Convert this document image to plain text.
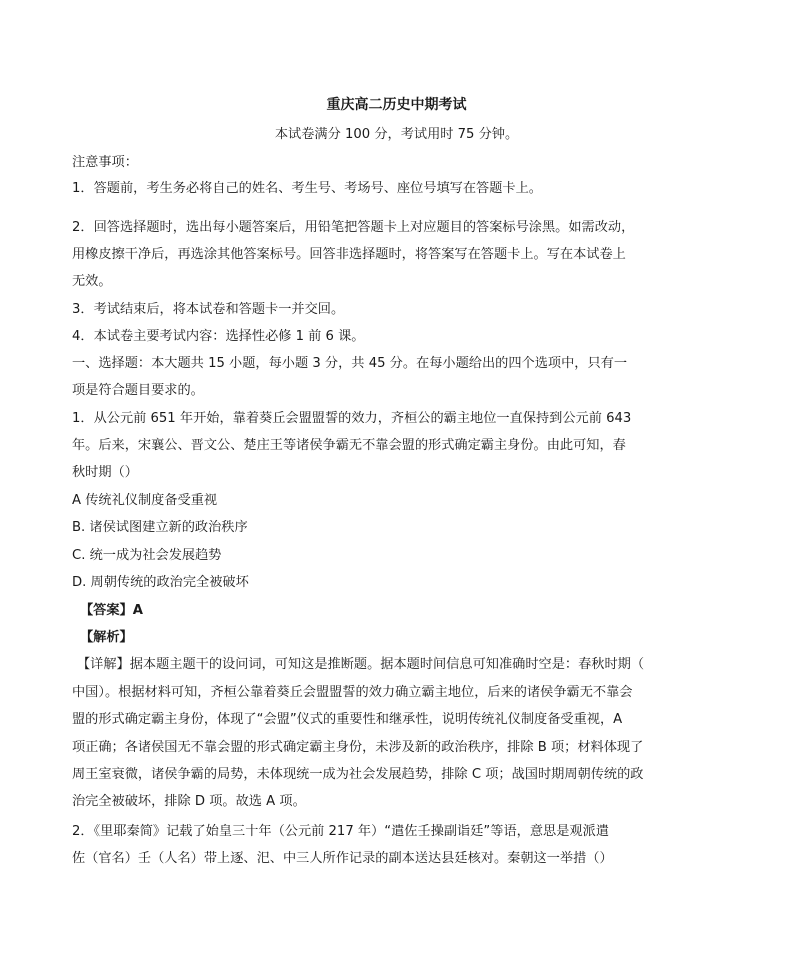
重庆高二历史中期考试
本试卷满分 100 分，考试用时 75 分钟。
注意事项：
1．答题前，考生务必将自己的姓名、考生号、考场号、座位号填写在答题卡上。
2．回答选择题时，选出每小题答案后，用铅笔把答题卡上对应题目的答案标号涂黑。如需改动，
用橡皮擦干净后，再选涂其他答案标号。回答非选择题时，将答案写在答题卡上。写在本试卷上
无效。
3．考试结束后，将本试卷和答题卡一并交回。
4．本试卷主要考试内容：选择性必修 1 前 6 课。
一、选择题：本大题共 15 小题，每小题 3 分，共 45 分。在每小题给出的四个选项中，只有一
项是符合题目要求的。
1．从公元前 651 年开始，靠着葵丘会盟盟誓的效力，齐桓公的霸主地位一直保持到公元前 643
年。后来，宋襄公、晋文公、楚庄王等诸侯争霸无不靠会盟的形式确定霸主身份。由此可知，春
秋时期（）
A 传统礼仪制度备受重视
B. 诸侯试图建立新的政治秩序
C. 统一成为社会发展趋势
D. 周朝传统的政治完全被破坏
【答案】A
【解析】
【详解】据本题主题干的设问词，可知这是推断题。据本题时间信息可知准确时空是：春秋时期（
中国）。根据材料可知，齐桓公靠着葵丘会盟盟誓的效力确立霸主地位，后来的诸侯争霸无不靠会
盟的形式确定霸主身份，体现了“会盟”仪式的重要性和继承性，说明传统礼仪制度备受重视，A
项正确；各诸侯国无不靠会盟的形式确定霸主身份，未涉及新的政治秩序，排除 B 项；材料体现了
周王室衰微，诸侯争霸的局势，未体现统一成为社会发展趋势，排除 C 项；战国时期周朝传统的政
治完全被破坏，排除 D 项。故选 A 项。
2．《里耶秦简》记载了始皇三十年（公元前 217 年）“遣佐壬操副诣廷”等语，意思是观派遣
佐（官名）壬（人名）带上逐、汜、中三人所作记录的副本送达县廷核对。秦朝这一举措（）
